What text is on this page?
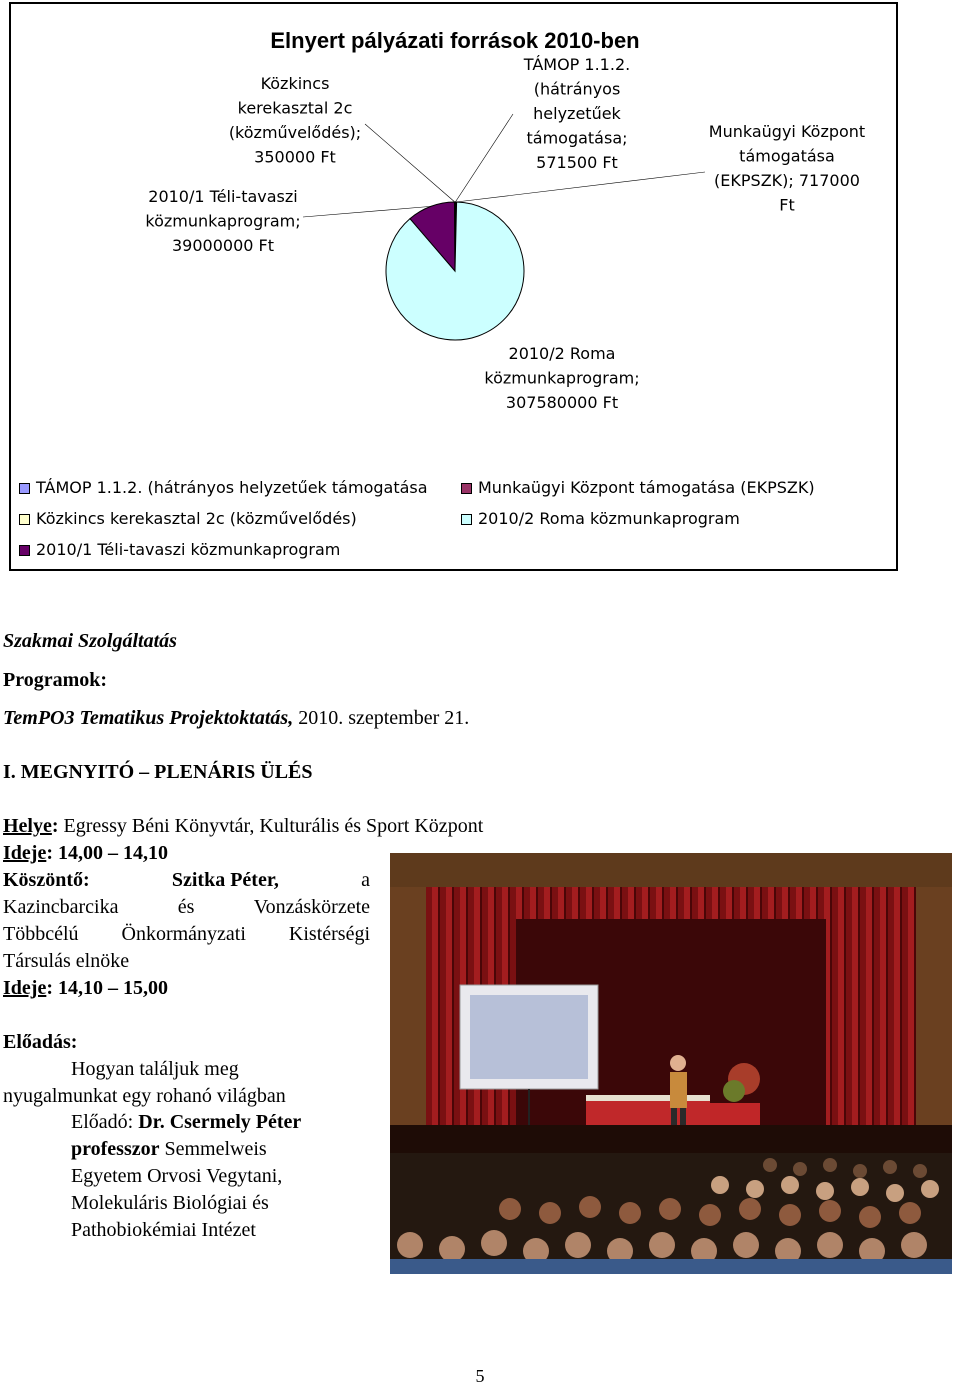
Elnyert pályázati források 2010-ben
TÁMOP 1.1.2. (hátrányos helyzetűek támogatása; 571500 Ft
Munkaügyi Központ támogatása (EKPSZK); 717000 Ft
2010/2 Roma közmunkaprogram; 307580000 Ft
2010/1 Téli-tavaszi közmunkaprogram; 39000000 Ft
Közkincs kerekasztal 2c (közművelődés); 350000 Ft
TÁMOP 1.1.2. (hátrányos helyzetűek támogatása	Munkaügyi Központ támogatása (EKPSZK)
Közkincs kerekasztal 2c (közművelődés)	2010/2 Roma közmunkaprogram
2010/1 Téli-tavaszi közmunkaprogram
Szakmai Szolgáltatás
Programok:
TemPO3 Tematikus Projektoktatás, 2010. szeptember 21.
I. MEGNYITÓ – PLENÁRIS ÜLÉS
Helye: Egressy Béni Könyvtár, Kulturális és Sport Központ
Ideje: 14,00 – 14,10
Köszöntő:	Szitka Péter,	a
Kazincbarcika	és	Vonzáskörzete
Többcélú Önkormányzati Kistérségi
Társulás elnöke
Ideje: 14,10 – 15,00
Előadás:
Hogyan találjuk meg
nyugalmunkat egy rohanó világban
Előadó: Dr. Csermely Péter
professzor Semmelweis
Egyetem Orvosi Vegytani,
Molekuláris Biológiai és
Pathobiokémiai Intézet
5
